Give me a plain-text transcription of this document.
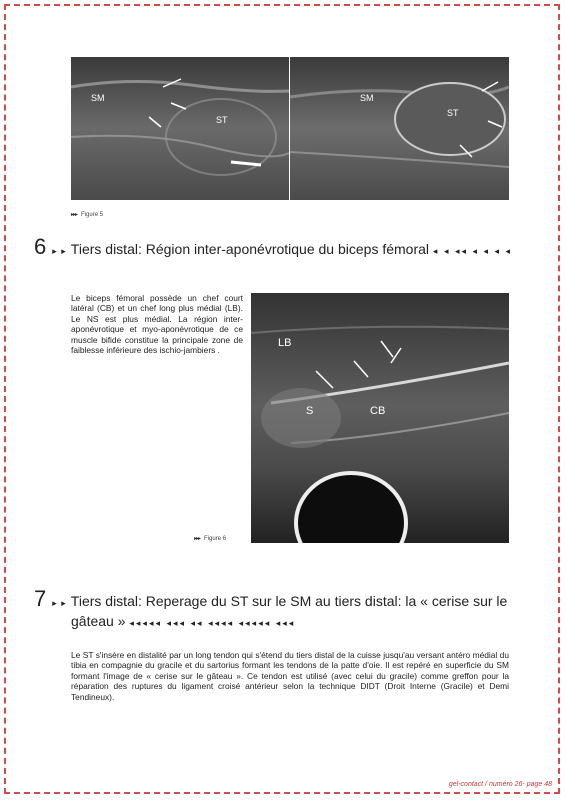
SM
ST
SM
ST
▸▸▸ Figure 5
6 ▸ ▸ Tiers distal: Région inter-aponévrotique du biceps fémoral ◂ ◂ ◂◂ ◂ ◂ ◂ ◂
Le biceps fémoral possède un chef court latéral (CB) et un chef long plus médial (LB). Le NS est plus médial. La région inter-aponévrotique et myo-aponévrotique de ce muscle bifide constitue la principale zone de faiblesse inférieure des ischio-jambiers .
LB
S	CB
▸▸▸ Figure 6
7 ▸ ▸ Tiers distal: Reperage du ST sur le SM au tiers distal: la « cerise sur le
gâteau » ◂◂◂◂◂ ◂◂◂ ◂◂ ◂◂◂◂ ◂◂◂◂◂ ◂◂◂
Le ST s'insère en distalité par un long tendon qui s'étend du tiers distal de la cuisse jusqu'au versant antéro médial du tibia en compagnie du gracile et du sartorius formant les tendons de la patte d'oie. Il est repéré en superficie du SM formant l'image de « cerise sur le gâteau ». Ce tendon est utilisé (avec celui du gracile) comme greffon pour la réparation des ruptures du ligament croisé antérieur selon la technique DIDT (Droit Interne (Gracile) et Demi Tendineux).
gel-contact / numéro 26- page 48
